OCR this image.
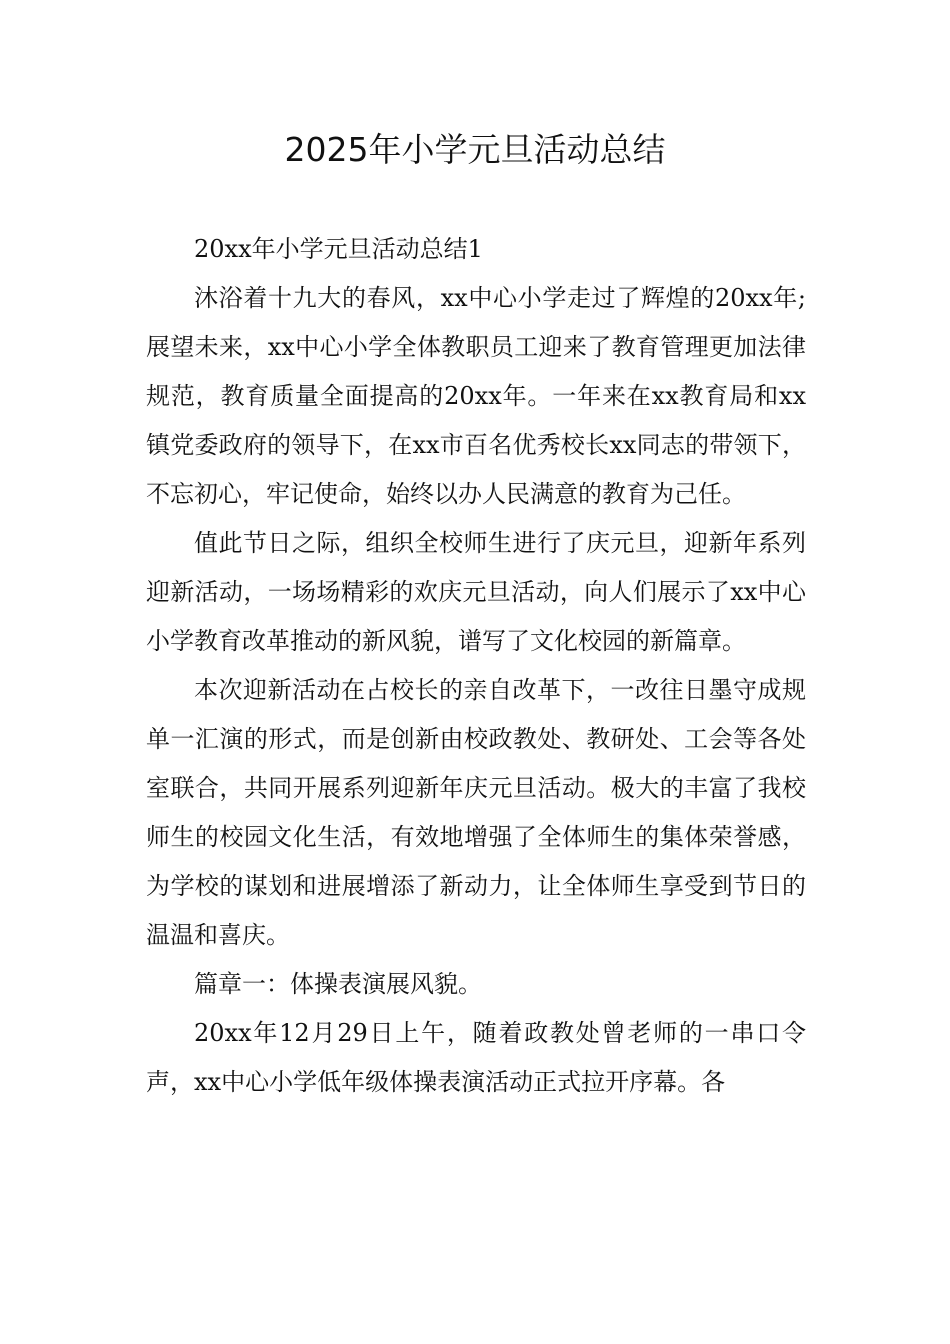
2025年小学元旦活动总结

20xx年小学元旦活动总结1

沐浴着十九大的春风，xx中心小学走过了辉煌的20xx年;展望未来，xx中心小学全体教职员工迎来了教育管理更加法律规范，教育质量全面提高的20xx年。一年来在xx教育局和xx镇党委政府的领导下，在xx市百名优秀校长xx同志的带领下，不忘初心，牢记使命，始终以办人民满意的教育为己任。

值此节日之际，组织全校师生进行了庆元旦，迎新年系列迎新活动，一场场精彩的欢庆元旦活动，向人们展示了xx中心小学教育改革推动的新风貌，谱写了文化校园的新篇章。

本次迎新活动在占校长的亲自改革下，一改往日墨守成规单一汇演的形式，而是创新由校政教处、教研处、工会等各处室联合，共同开展系列迎新年庆元旦活动。极大的丰富了我校师生的校园文化生活，有效地增强了全体师生的集体荣誉感，为学校的谋划和进展增添了新动力，让全体师生享受到节日的温温和喜庆。

篇章一：体操表演展风貌。

20xx年12月29日上午，随着政教处曾老师的一串口令声，xx中心小学低年级体操表演活动正式拉开序幕。各
